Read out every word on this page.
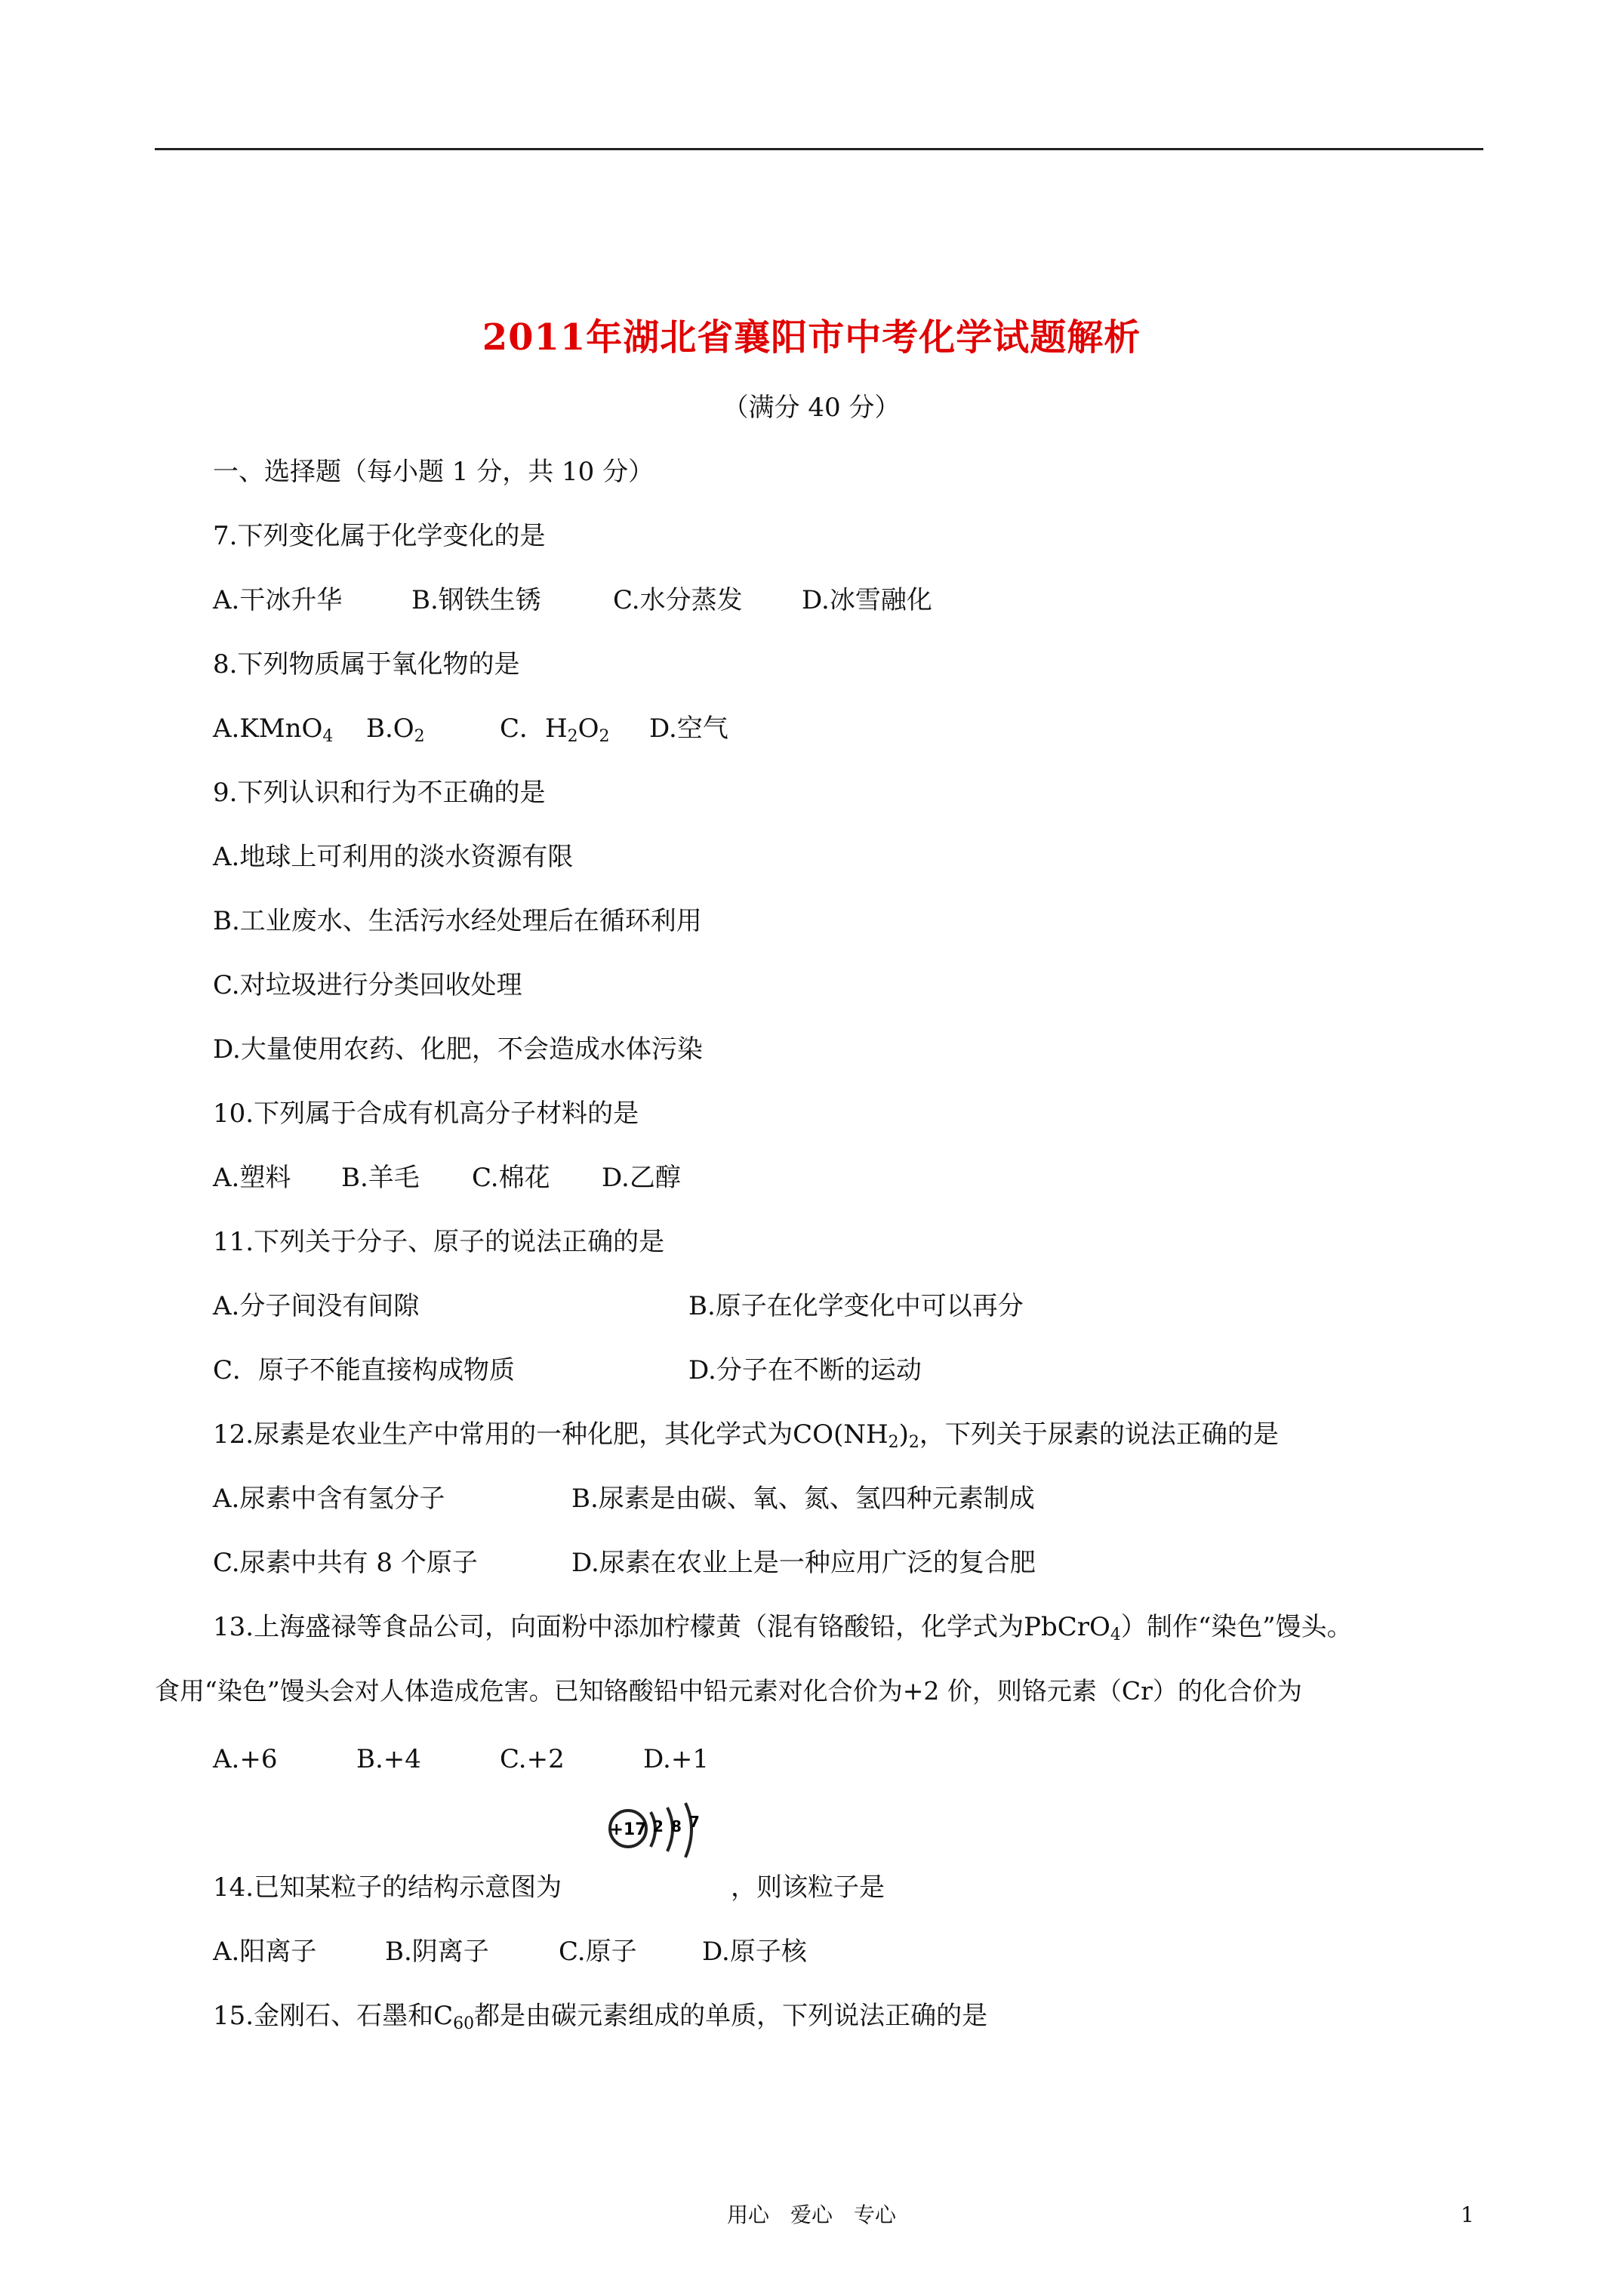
2011年湖北省襄阳市中考化学试题解析
（满分 40 分）
一、选择题（每小题 1 分，共 10 分）
7.下列变化属于化学变化的是
A.干冰升华	B.钢铁生锈	C.水分蒸发 D.冰雪融化
8.下列物质属于氧化物的是
A.KMnO$_4$ $B.O_2$	C．$H_2O_2$ D.空气
9.下列认识和行为不正确的是
A.地球上可利用的淡水资源有限
B.工业废水、生活污水经处理后在循环利用
C.对垃圾进行分类回收处理
D.大量使用农药、化肥，不会造成水体污染
10.下列属于合成有机高分子材料的是
A.塑料 B.羊毛 C.棉花 D.乙醇
11.下列关于分子、原子的说法正确的是
A.分子间没有间隙	B.原子在化学变化中可以再分
C．原子不能直接构成物质	D.分子在不断的运动
12.尿素是农业生产中常用的一种化肥，其化学式为$CO(NH_2)_2$，下列关于尿素的说法正确的是
A.尿素中含有氢分子	B.尿素是由碳、氧、氮、氢四种元素制成
C.尿素中共有 8 个原子	D.尿素在农业上是一种应用广泛的复合肥
13.上海盛禄等食品公司，向面粉中添加柠檬黄（混有铬酸铅，化学式为PbCrO$_4$）制作“染色”馒头。
食用“染色”馒头会对人体造成危害。已知铬酸铅中铅元素对化合价为+2 价，则铬元素（Cr）的化合价为
A.+6	B.+4	C.+2	D.+1
14.已知某粒子的结构示意图为
+17 2 8 7
，则该粒子是
A.阳离子	B.阴离子	C.原子	D.原子核
15.金刚石、石墨和$C_{60}$都是由碳元素组成的单质，下列说法正确的是
用心　爱心　专心	1
